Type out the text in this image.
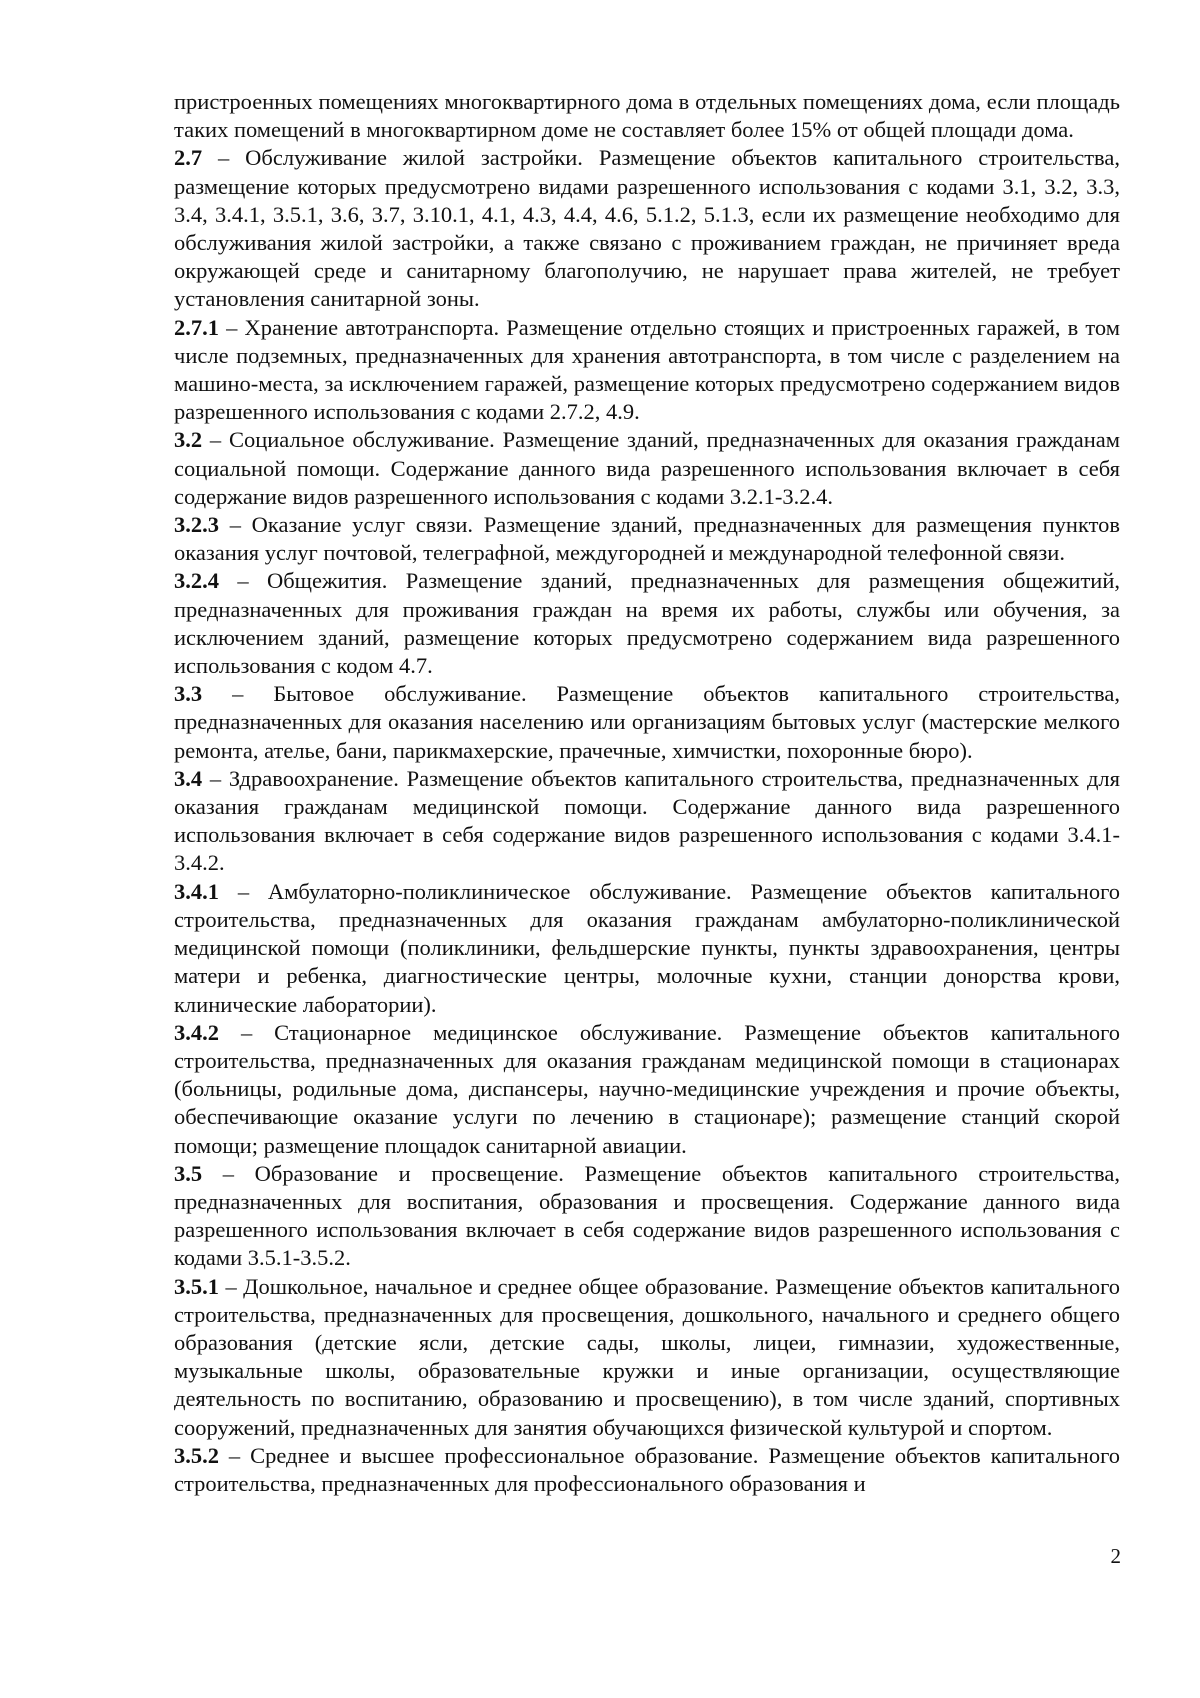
пристроенных помещениях многоквартирного дома в отдельных помещениях дома, если площадь таких помещений в многоквартирном доме не составляет более 15% от общей площади дома.

2.7 – Обслуживание жилой застройки. Размещение объектов капитального строительства, размещение которых предусмотрено видами разрешенного использования с кодами 3.1, 3.2, 3.3, 3.4, 3.4.1, 3.5.1, 3.6, 3.7, 3.10.1, 4.1, 4.3, 4.4, 4.6, 5.1.2, 5.1.3, если их размещение необходимо для обслуживания жилой застройки, а также связано с проживанием граждан, не причиняет вреда окружающей среде и санитарному благополучию, не нарушает права жителей, не требует установления санитарной зоны.

2.7.1 – Хранение автотранспорта. Размещение отдельно стоящих и пристроенных гаражей, в том числе подземных, предназначенных для хранения автотранспорта, в том числе с разделением на машино-места, за исключением гаражей, размещение которых предусмотрено содержанием видов разрешенного использования с кодами 2.7.2, 4.9.

3.2 – Социальное обслуживание. Размещение зданий, предназначенных для оказания гражданам социальной помощи. Содержание данного вида разрешенного использования включает в себя содержание видов разрешенного использования с кодами 3.2.1-3.2.4.

3.2.3 – Оказание услуг связи. Размещение зданий, предназначенных для размещения пунктов оказания услуг почтовой, телеграфной, междугородней и международной телефонной связи.

3.2.4 – Общежития. Размещение зданий, предназначенных для размещения общежитий, предназначенных для проживания граждан на время их работы, службы или обучения, за исключением зданий, размещение которых предусмотрено содержанием вида разрешенного использования с кодом 4.7.

3.3 – Бытовое обслуживание. Размещение объектов капитального строительства, предназначенных для оказания населению или организациям бытовых услуг (мастерские мелкого ремонта, ателье, бани, парикмахерские, прачечные, химчистки, похоронные бюро).

3.4 – Здравоохранение. Размещение объектов капитального строительства, предназначенных для оказания гражданам медицинской помощи. Содержание данного вида разрешенного использования включает в себя содержание видов разрешенного использования с кодами 3.4.1-3.4.2.

3.4.1 – Амбулаторно-поликлиническое обслуживание. Размещение объектов капитального строительства, предназначенных для оказания гражданам амбулаторно-поликлинической медицинской помощи (поликлиники, фельдшерские пункты, пункты здравоохранения, центры матери и ребенка, диагностические центры, молочные кухни, станции донорства крови, клинические лаборатории).

3.4.2 – Стационарное медицинское обслуживание. Размещение объектов капитального строительства, предназначенных для оказания гражданам медицинской помощи в стационарах (больницы, родильные дома, диспансеры, научно-медицинские учреждения и прочие объекты, обеспечивающие оказание услуги по лечению в стационаре); размещение станций скорой помощи; размещение площадок санитарной авиации.

3.5 – Образование и просвещение. Размещение объектов капитального строительства, предназначенных для воспитания, образования и просвещения. Содержание данного вида разрешенного использования включает в себя содержание видов разрешенного использования с кодами 3.5.1-3.5.2.

3.5.1 – Дошкольное, начальное и среднее общее образование. Размещение объектов капитального строительства, предназначенных для просвещения, дошкольного, начального и среднего общего образования (детские ясли, детские сады, школы, лицеи, гимназии, художественные, музыкальные школы, образовательные кружки и иные организации, осуществляющие деятельность по воспитанию, образованию и просвещению), в том числе зданий, спортивных сооружений, предназначенных для занятия обучающихся физической культурой и спортом.

3.5.2 – Среднее и высшее профессиональное образование. Размещение объектов капитального строительства, предназначенных для профессионального образования и

2
